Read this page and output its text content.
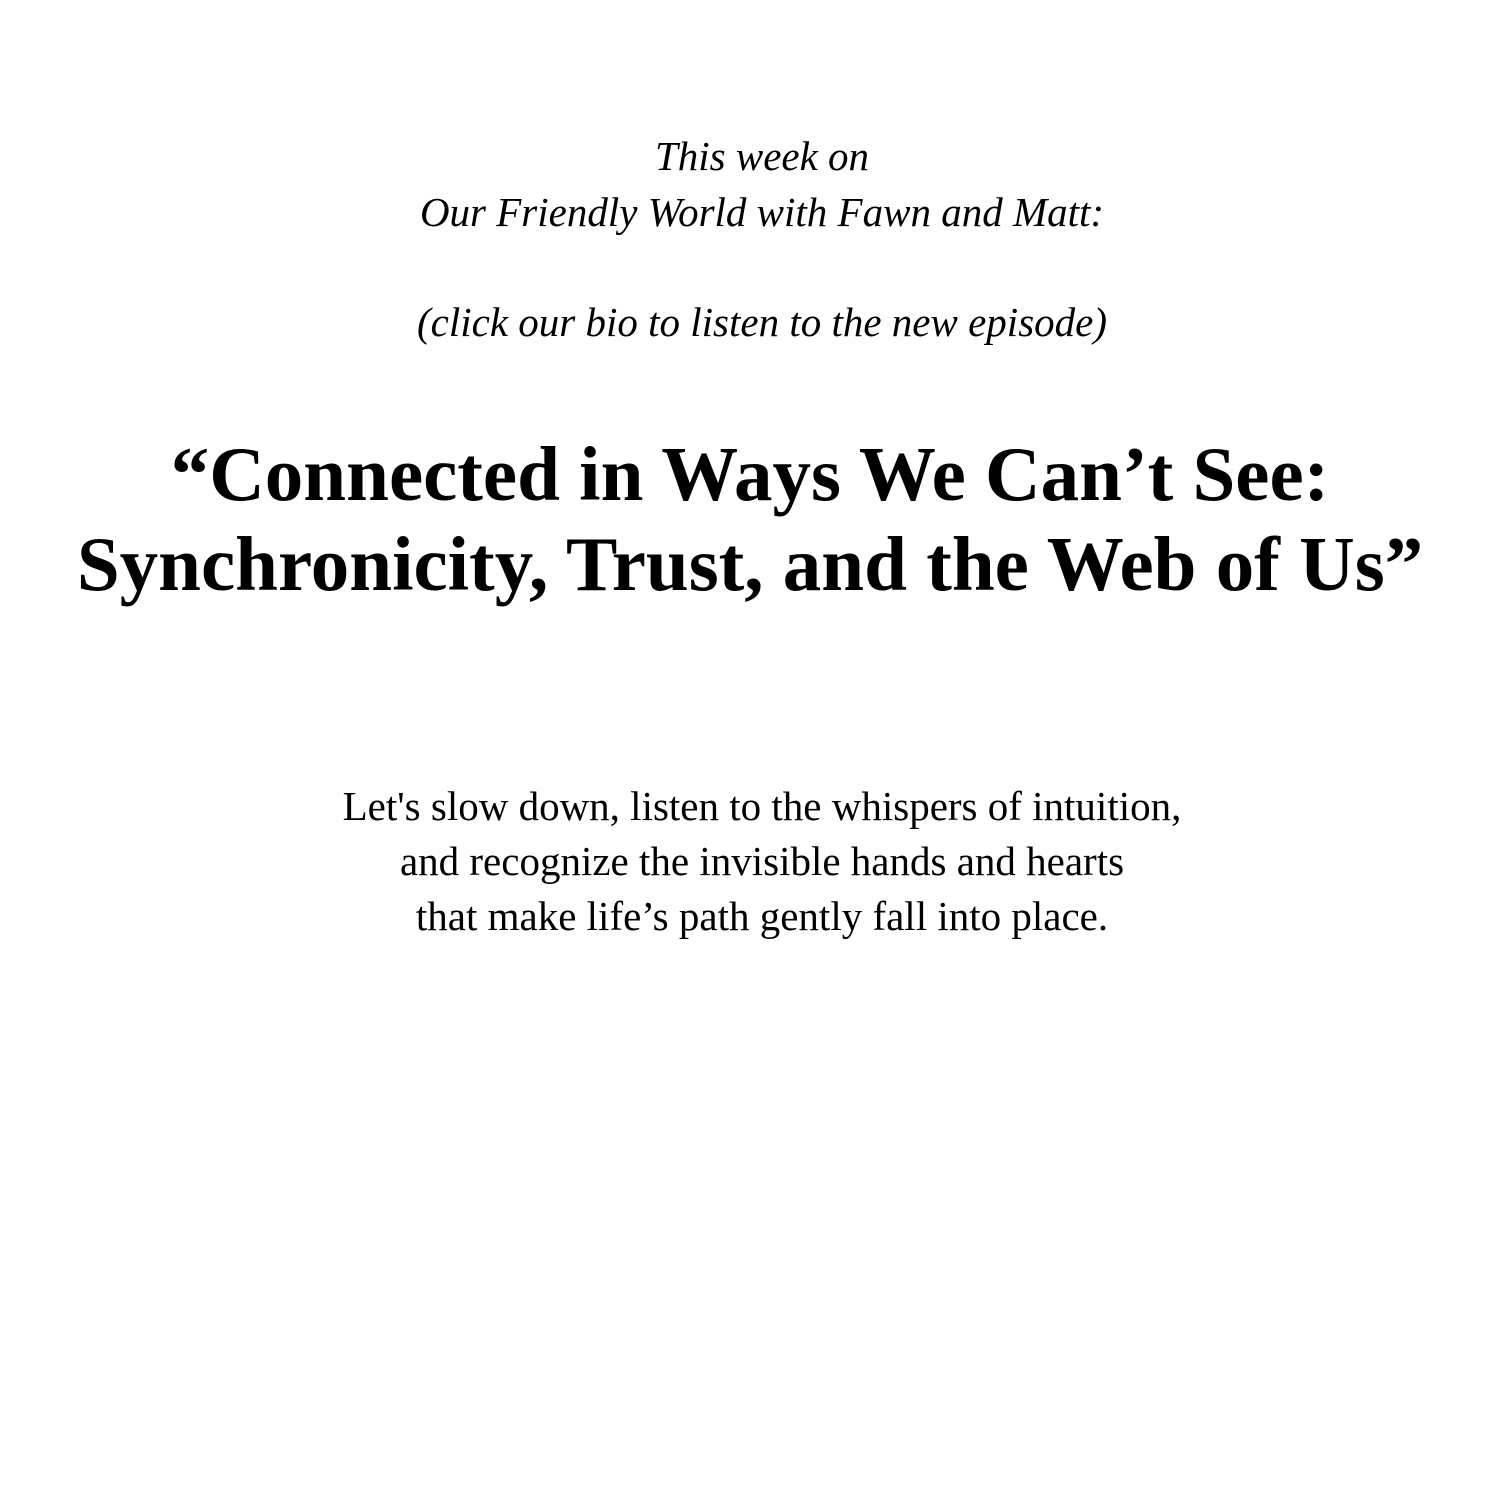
This week on
Our Friendly World with Fawn and Matt:
(click our bio to listen to the new episode)
“Connected in Ways We Can’t See:
Synchronicity, Trust, and the Web of Us”
Let's slow down, listen to the whispers of intuition,
and recognize the invisible hands and hearts
that make life’s path gently fall into place.
